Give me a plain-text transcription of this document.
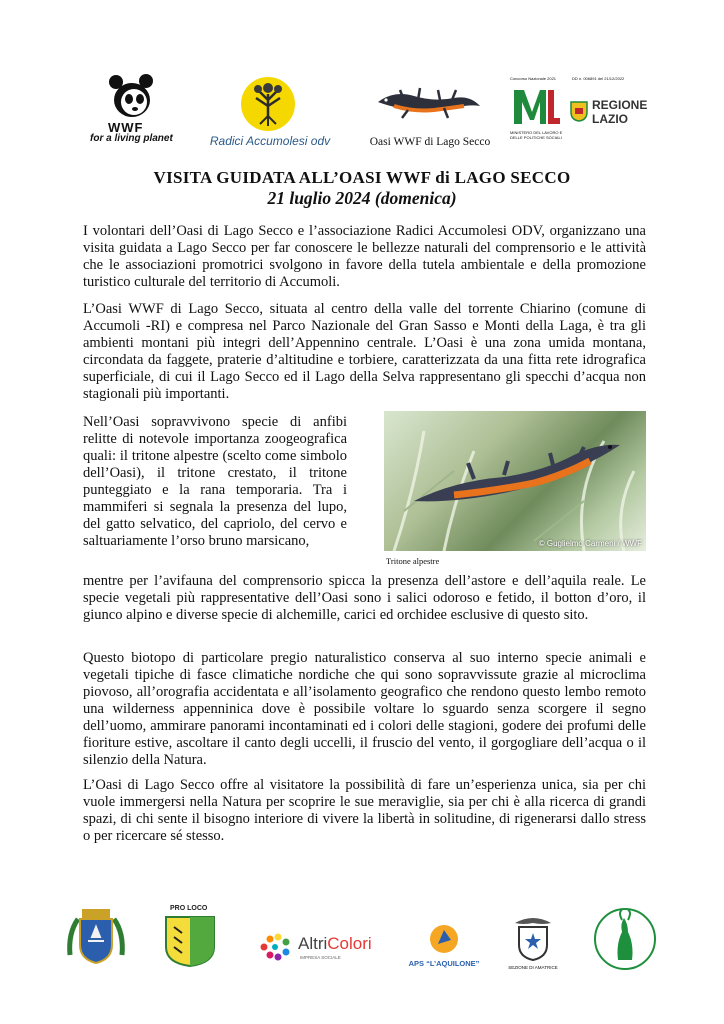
WWF
for a living planet	Radici Accumolesi odv	Oasi WWF di Lago Secco
Concorso Nazionale 2021	DD n. 006891 del 21/12/2022
MINISTERO DEL LAVORO E DELLE POLITICHE SOCIALI
REGIONE
LAZIO
VISITA GUIDATA ALL’OASI WWF di LAGO SECCO
21 luglio 2024 (domenica)

I volontari dell’Oasi di Lago Secco e l’associazione Radici Accumolesi ODV, organizzano una visita guidata a Lago Secco per far conoscere le bellezze naturali del comprensorio e le attività che le associazioni promotrici svolgono in favore della tutela ambientale e della promozione turistico culturale del territorio di Accumoli.

L’Oasi WWF di Lago Secco, situata al centro della valle del torrente Chiarino (comune di Accumoli -RI) e compresa nel Parco Nazionale del Gran Sasso e Monti della Laga, è tra gli ambienti montani più integri dell’Appennino centrale. L’Oasi è una zona umida montana, circondata da faggete, praterie d’altitudine e torbiere, caratterizzata da una fitta rete idrografica superficiale, di cui il Lago Secco ed il Lago della Selva rappresentano gli specchi d’acqua non stagionali più importanti.

Nell’Oasi sopravvivono specie di anfibi relitte di notevole importanza zoogeografica quali: il tritone alpestre (scelto come simbolo dell’Oasi), il tritone crestato, il tritone punteggiato e la rana temporaria. Tra i mammiferi si segnala la presenza del lupo, del gatto selvatico, del capriolo, del cervo e saltuariamente l’orso bruno marsicano,	© Guglielmo Carmeni / WWF
Tritone alpestre

mentre per l’avifauna del comprensorio spicca la presenza dell’astore e dell’aquila reale. Le specie vegetali più rappresentative dell’Oasi sono i salici odoroso e fetido, il botton d’oro, il giunco alpino e diverse specie di alchemille, carici ed orchidee esclusive di questo sito.

Questo biotopo di particolare pregio naturalistico conserva al suo interno specie animali e vegetali tipiche di fasce climatiche nordiche che qui sono sopravvissute grazie al microclima piovoso, all’orografia accidentata e all’isolamento geografico che rendono questo lembo remoto una wilderness appenninica dove è possibile voltare lo sguardo senza scorgere il segno dell’uomo, ammirare panorami incontaminati ed i colori delle stagioni, godere dei profumi delle fioriture estive, ascoltare il canto degli uccelli, il fruscio del vento, il gorgogliare dell’acqua o il silenzio della Natura.

L’Oasi di Lago Secco offre al visitatore la possibilità di fare un’esperienza unica, sia per chi vuole immergersi nella Natura per scoprire le sue meraviglie, sia per chi è alla ricerca di grandi spazi, di chi sente il bisogno interiore di vivere la libertà in solitudine, di rigenerarsi dallo stress o per ricercare sé stesso.

PRO LOCO
AltriColori
IMPRESA SOCIALE
APS “L’AQUILONE”	SEZIONE DI AMATRICE
